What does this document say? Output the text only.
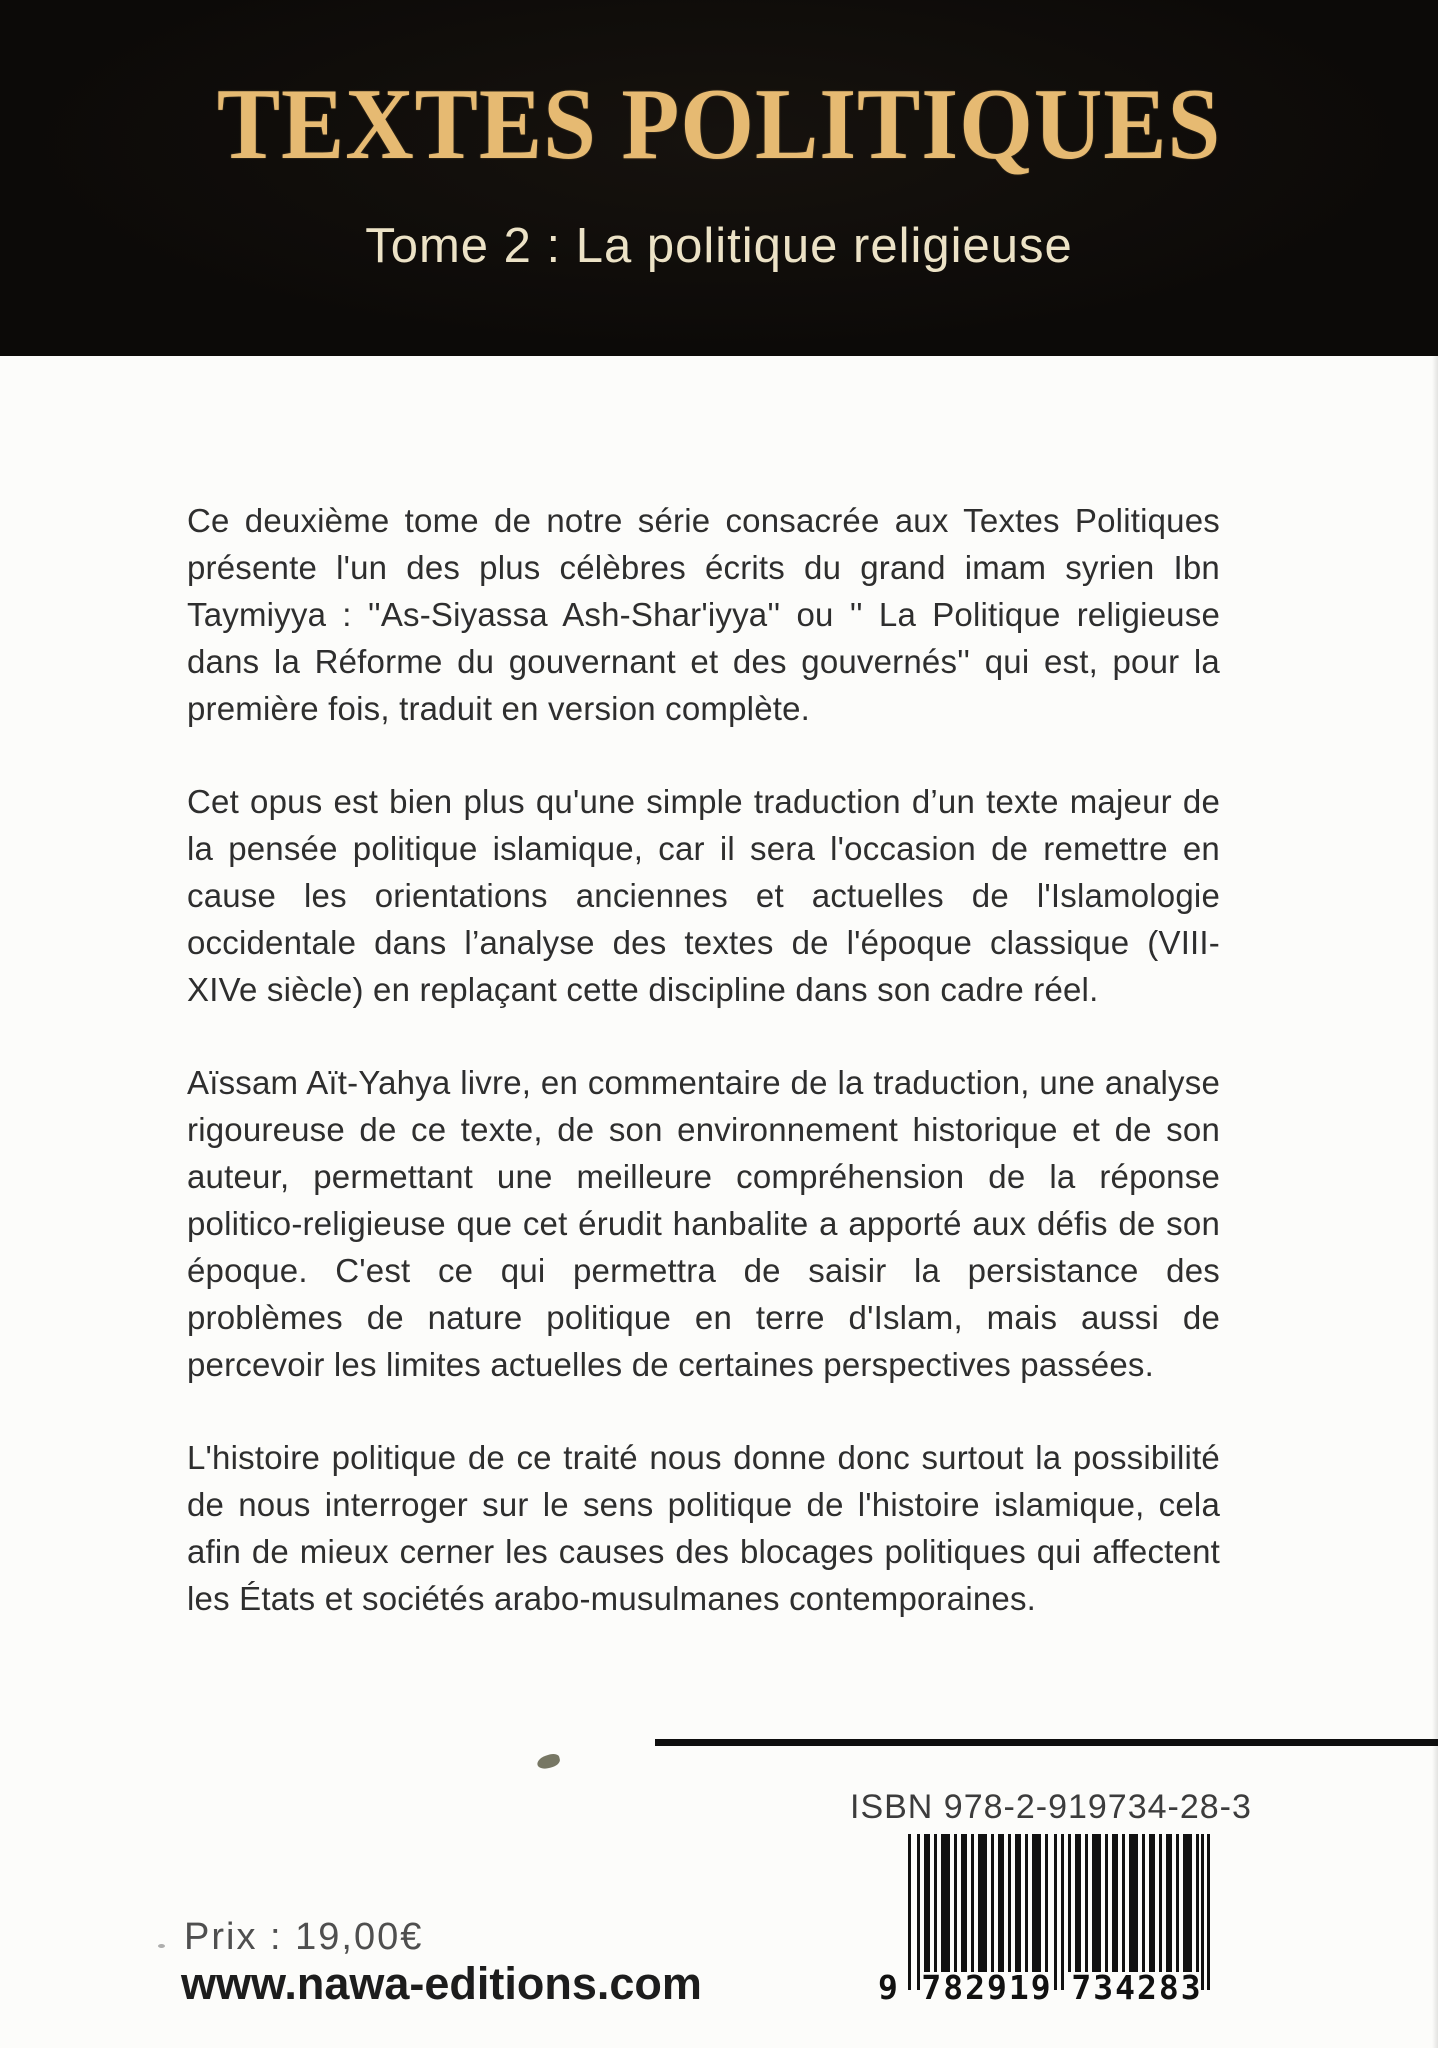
TEXTES POLITIQUES
Tome 2 : La politique religieuse

Ce deuxième tome de notre série consacrée aux Textes Politiques présente l'un des plus célèbres écrits du grand imam syrien Ibn Taymiyya : ''As-Siyassa Ash-Shar'iyya'' ou '' La Politique religieuse dans la Réforme du gouvernant et des gouvernés'' qui est, pour la première fois, traduit en version complète.

Cet opus est bien plus qu'une simple traduction d’un texte majeur de la pensée politique islamique, car il sera l'occasion de remettre en cause les orientations anciennes et actuelles de l'Islamologie occidentale dans l’analyse des textes de l'époque classique (VIII-XIVe siècle) en replaçant cette discipline dans son cadre réel.

Aïssam Aït-Yahya livre, en commentaire de la traduction, une analyse rigoureuse de ce texte, de son environnement historique et de son auteur, permettant une meilleure compréhension de la réponse politico-religieuse que cet érudit hanbalite a apporté aux défis de son époque. C'est ce qui permettra de saisir la persistance des problèmes de nature politique en terre d'Islam, mais aussi de percevoir les limites actuelles de certaines perspectives passées.

L'histoire politique de ce traité nous donne donc surtout la possibilité de nous interroger sur le sens politique de l'histoire islamique, cela afin de mieux cerner les causes des blocages politiques qui affectent les États et sociétés arabo-musulmanes contemporaines.

ISBN 978-2-919734-28-3
9 782919 734283
Prix : 19,00€
www.nawa-editions.com
